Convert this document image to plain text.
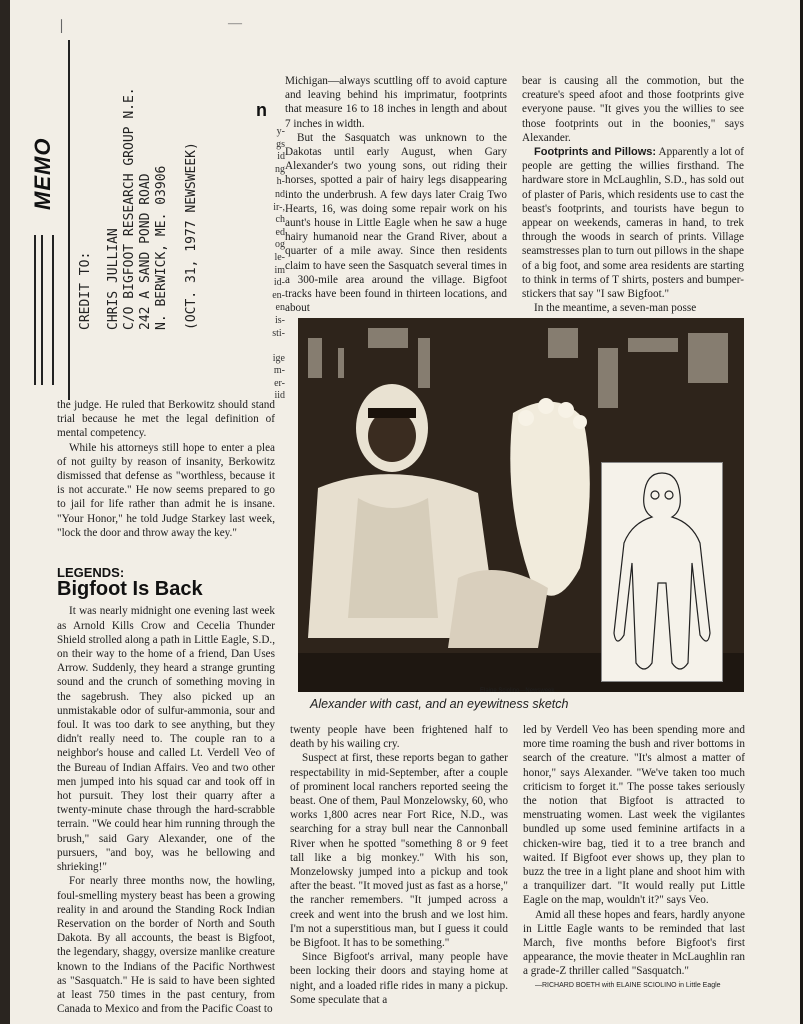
∣	—
MEMO
CREDIT TO: CHRIS JULLIAN C/O BIGFOOT RESEARCH GROUP N.E. 242 A SAND POND ROAD N. BERWICK, ME. 03906 (OCT. 31, 1977 NEWSWEEK)
n
y-
gs
id
ng
h-
nd
ir-,
ch
ed
og
le-
im
id-
en-
en
is-
sti-

ige
m-
er-
iid

the judge. He ruled that Berkowitz should stand trial because he met the legal definition of mental competency.

While his attorneys still hope to enter a plea of not guilty by reason of insanity, Berkowitz dismissed that defense as "worthless, because it is not accurate." He now seems prepared to go to jail for life rather than admit he is insane. "Your Honor," he told Judge Starkey last week, "lock the door and throw away the key."

LEGENDS:
Bigfoot Is Back

It was nearly midnight one evening last week as Arnold Kills Crow and Cecelia Thunder Shield strolled along a path in Little Eagle, S.D., on their way to the home of a friend, Dan Uses Arrow. Suddenly, they heard a strange grunting sound and the crunch of something moving in the sagebrush. They also picked up an unmistakable odor of sulfur-ammonia, sour and foul. It was too dark to see anything, but they didn't really need to. The couple ran to a neighbor's house and called Lt. Verdell Veo of the Bureau of Indian Affairs. Veo and two other men jumped into his squad car and took off in hot pursuit. They lost their quarry after a twenty-minute chase through the hard-scrabble terrain. "We could hear him running through the brush," said Gary Alexander, one of the pursuers, "and boy, was he bellowing and shrieking!"

For nearly three months now, the howling, foul-smelling mystery beast has been a growing reality in and around the Standing Rock Indian Reservation on the border of North and South Dakota. By all accounts, the beast is Bigfoot, the legendary, shaggy, oversize manlike creature known to the Indians of the Pacific Northwest as "Sasquatch." He is said to have been sighted at least 750 times in the past century, from Canada to Mexico and from the Pacific Coast to

Michigan—always scuttling off to avoid capture and leaving behind his imprimatur, footprints that measure 16 to 18 inches in length and about 7 inches in width.

But the Sasquatch was unknown to the Dakotas until early August, when Gary Alexander's two young sons, out riding their horses, spotted a pair of hairy legs disappearing into the underbrush. A few days later Craig Two Hearts, 16, was doing some repair work on his aunt's house in Little Eagle when he saw a huge hairy humanoid near the Grand River, about a quarter of a mile away. Since then residents claim to have seen the Sasquatch several times in a 300-mile area around the village. Bigfoot tracks have been found in thirteen locations, and about

bear is causing all the commotion, but the creature's speed afoot and those footprints give everyone pause. "It gives you the willies to see those footprints out in the boonies," says Alexander.

Footprints and Pillows: Apparently a lot of people are getting the willies firsthand. The hardware store in McLaughlin, S.D., has sold out of plaster of Paris, which residents use to cast the beast's footprints, and tourists have begun to appear on weekends, cameras in hand, to trek through the woods in search of prints. Village seamstresses plan to turn out pillows in the shape of a big foot, and some area residents are starting to think in terms of T shirts, posters and bumper-stickers that say "I saw Bigfoot."

In the meantime, a seven-man posse

Elaine Sciolino—Newsweek
Alexander with cast, and an eyewitness sketch

twenty people have been frightened half to death by his wailing cry.

Suspect at first, these reports began to gather respectability in mid-September, after a couple of prominent local ranchers reported seeing the beast. One of them, Paul Monzelowsky, 60, who works 1,800 acres near Fort Rice, N.D., was searching for a stray bull near the Cannonball River when he spotted "something 8 or 9 feet tall like a big monkey." With his son, Monzelowsky jumped into a pickup and took after the beast. "It moved just as fast as a horse," the rancher remembers. "It jumped across a creek and went into the brush and we lost him. I'm not a superstitious man, but I guess it could be Bigfoot. It has to be something."

Since Bigfoot's arrival, many people have been locking their doors and staying home at night, and a loaded rifle rides in many a pickup. Some speculate that a

led by Verdell Veo has been spending more and more time roaming the bush and river bottoms in search of the creature. "It's almost a matter of honor," says Alexander. "We've taken too much criticism to forget it." The posse takes seriously the notion that Bigfoot is attracted to menstruating women. Last week the vigilantes bundled up some used feminine artifacts in a chicken-wire bag, tied it to a tree branch and waited. If Bigfoot ever shows up, they plan to buzz the tree in a light plane and shoot him with a tranquilizer dart. "It would really put Little Eagle on the map, wouldn't it?" says Veo.

Amid all these hopes and fears, hardly anyone in Little Eagle wants to be reminded that last March, five months before Bigfoot's first appearance, the movie theater in McLaughlin ran a grade-Z thriller called "Sasquatch."

—RICHARD BOETH with ELAINE SCIOLINO in Little Eagle
